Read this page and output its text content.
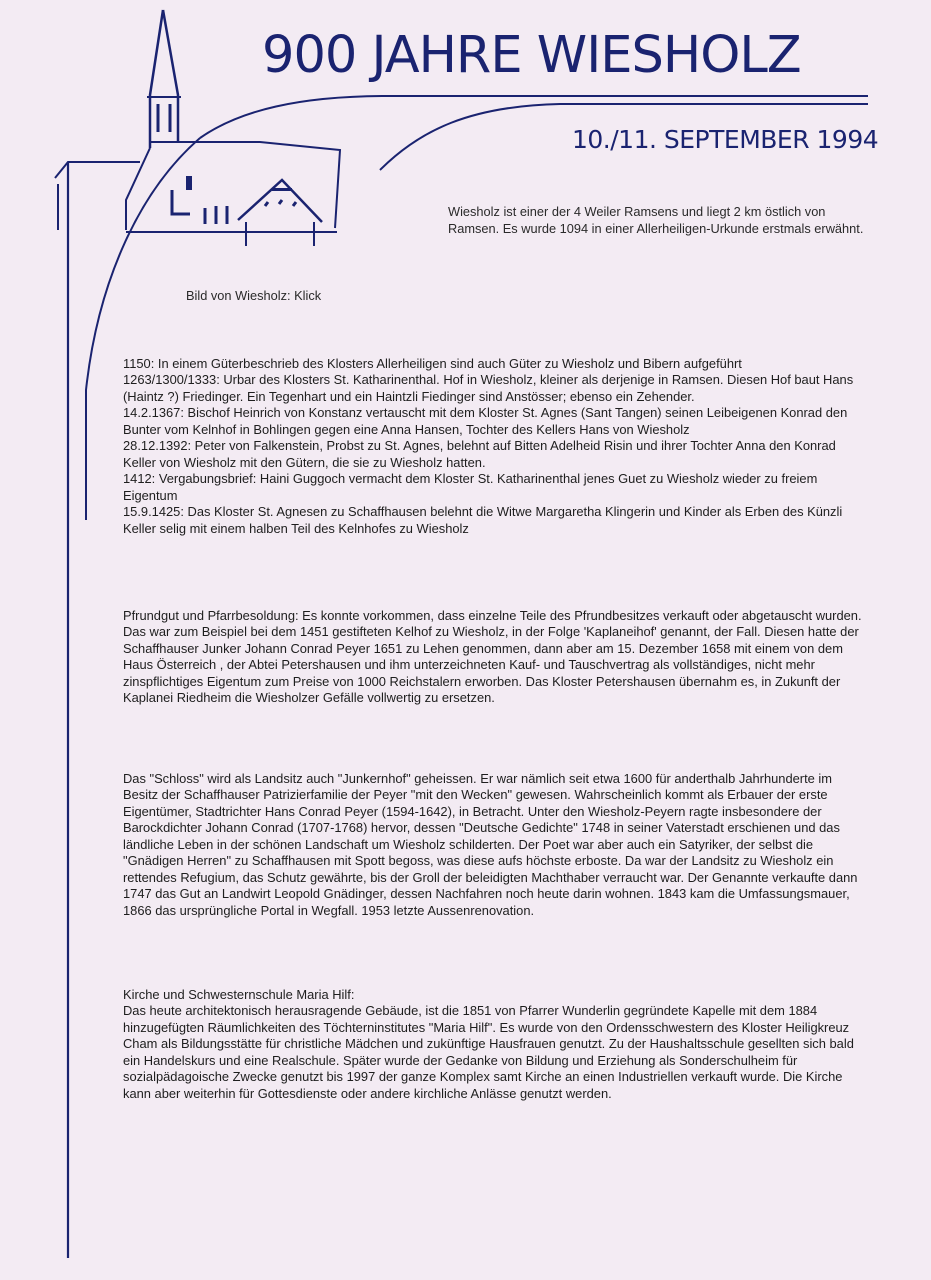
900 JAHRE WIESHOLZ
10./11. SEPTEMBER 1994
Wiesholz ist einer der 4 Weiler Ramsens und liegt 2 km östlich von Ramsen. Es wurde 1094 in einer Allerheiligen-Urkunde erstmals erwähnt.
Bild von Wiesholz: Klick

1150: In einem Güterbeschrieb des Klosters Allerheiligen sind auch Güter zu Wiesholz und Bibern aufgeführt

1263/1300/1333: Urbar des Klosters St. Katharinenthal. Hof in Wiesholz, kleiner als derjenige in Ramsen. Diesen Hof baut Hans (Haintz ?) Friedinger. Ein Tegenhart und ein Haintzli Fiedinger sind Anstösser; ebenso ein Zehender.

14.2.1367: Bischof Heinrich von Konstanz vertauscht mit dem Kloster St. Agnes (Sant Tangen) seinen Leibeigenen Konrad den Bunter vom Kelnhof in Bohlingen gegen eine Anna Hansen, Tochter des Kellers Hans von Wiesholz

28.12.1392: Peter von Falkenstein, Probst zu St. Agnes, belehnt auf Bitten Adelheid Risin und ihrer Tochter Anna den Konrad Keller von Wiesholz mit den Gütern, die sie zu Wiesholz hatten.

1412: Vergabungsbrief: Haini Guggoch vermacht dem Kloster St. Katharinenthal jenes Guet zu Wiesholz wieder zu freiem Eigentum

15.9.1425: Das Kloster St. Agnesen zu Schaffhausen belehnt die Witwe Margaretha Klingerin und Kinder als Erben des Künzli Keller selig mit einem halben Teil des Kelnhofes zu Wiesholz

Pfrundgut und Pfarrbesoldung: Es konnte vorkommen, dass einzelne Teile des Pfrundbesitzes verkauft oder abgetauscht wurden.

Das war zum Beispiel bei dem 1451 gestifteten Kelhof zu Wiesholz, in der Folge 'Kaplaneihof' genannt, der Fall. Diesen hatte der Schaffhauser Junker Johann Conrad Peyer 1651 zu Lehen genommen, dann aber am 15. Dezember 1658 mit einem von dem Haus Österreich , der Abtei Petershausen und ihm unterzeichneten Kauf- und Tauschvertrag als vollständiges, nicht mehr zinspflichtiges Eigentum zum Preise von 1000 Reichstalern erworben. Das Kloster Petershausen übernahm es, in Zukunft der Kaplanei Riedheim die Wiesholzer Gefälle vollwertig zu ersetzen.

Das "Schloss" wird als Landsitz auch "Junkernhof" geheissen. Er war nämlich seit etwa 1600 für anderthalb Jahrhunderte im Besitz der Schaffhauser Patrizierfamilie der Peyer "mit den Wecken" gewesen. Wahrscheinlich kommt als Erbauer der erste Eigentümer, Stadtrichter Hans Conrad Peyer (1594-1642), in Betracht. Unter den Wiesholz-Peyern ragte insbesondere der Barockdichter Johann Conrad (1707-1768) hervor, dessen "Deutsche Gedichte" 1748 in seiner Vaterstadt erschienen und das ländliche Leben in der schönen Landschaft um Wiesholz schilderten. Der Poet war aber auch ein Satyriker, der selbst die "Gnädigen Herren" zu Schaffhausen mit Spott begoss, was diese aufs höchste erboste. Da war der Landsitz zu Wiesholz ein rettendes Refugium, das Schutz gewährte, bis der Groll der beleidigten Machthaber verraucht war. Der Genannte verkaufte dann 1747 das Gut an Landwirt Leopold Gnädinger, dessen Nachfahren noch heute darin wohnen. 1843 kam die Umfassungsmauer, 1866 das ursprüngliche Portal in Wegfall. 1953 letzte Aussenrenovation.

Kirche und Schwesternschule Maria Hilf:

Das heute architektonisch herausragende Gebäude, ist die 1851 von Pfarrer Wunderlin gegründete Kapelle mit dem 1884 hinzugefügten Räumlichkeiten des Töchterninstitutes "Maria Hilf". Es wurde von den Ordensschwestern des Kloster Heiligkreuz Cham als Bildungsstätte für christliche Mädchen und zukünftige Hausfrauen genutzt. Zu der Haushaltsschule gesellten sich bald ein Handelskurs und eine Realschule. Später wurde der Gedanke von Bildung und Erziehung als Sonderschulheim für sozialpädagoische Zwecke genutzt bis 1997 der ganze Komplex samt Kirche an einen Industriellen verkauft wurde. Die Kirche kann aber weiterhin für Gottesdienste oder andere kirchliche Anlässe genutzt werden.
